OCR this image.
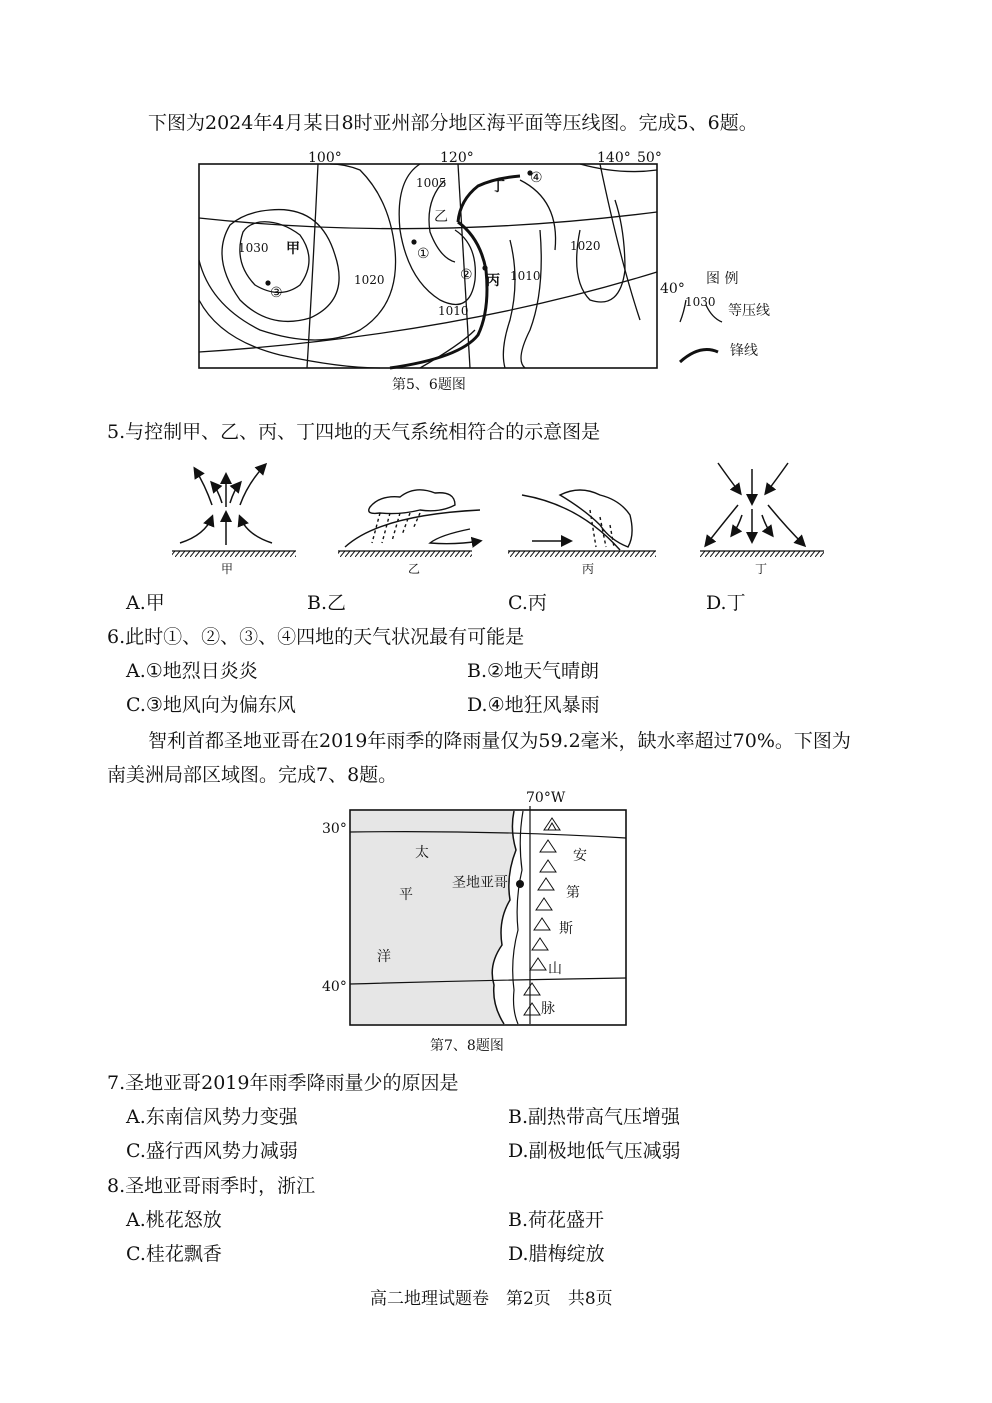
下图为2024年4月某日8时亚州部分地区海平面等压线图。完成5、6题。
100°	120°	140° 50°
40°
1030
1020
1005
1020
1010
1010
甲
乙
丙
丁
①
②
③
④
图 例
1030
等压线
锋线
第5、6题图
5.与控制甲、乙、丙、丁四地的天气系统相符合的示意图是
甲	乙	丙	丁
A.甲	B.乙	C.丙	D.丁
6.此时①、②、③、④四地的天气状况最有可能是
A.①地烈日炎炎	B.②地天气晴朗
C.③地风向为偏东风	D.④地狂风暴雨
智利首都圣地亚哥在2019年雨季的降雨量仅为59.2毫米，缺水率超过70%。下图为
南美洲局部区域图。完成7、8题。
70°W
30°
40°
圣地亚哥
太
平
洋
安
第
斯
山
脉
第7、8题图
7.圣地亚哥2019年雨季降雨量少的原因是
A.东南信风势力变强	B.副热带高气压增强
C.盛行西风势力减弱	D.副极地低气压减弱
8.圣地亚哥雨季时，浙江
A.桃花怒放	B.荷花盛开
C.桂花飘香	D.腊梅绽放
高二地理试题卷　第2页　共8页
